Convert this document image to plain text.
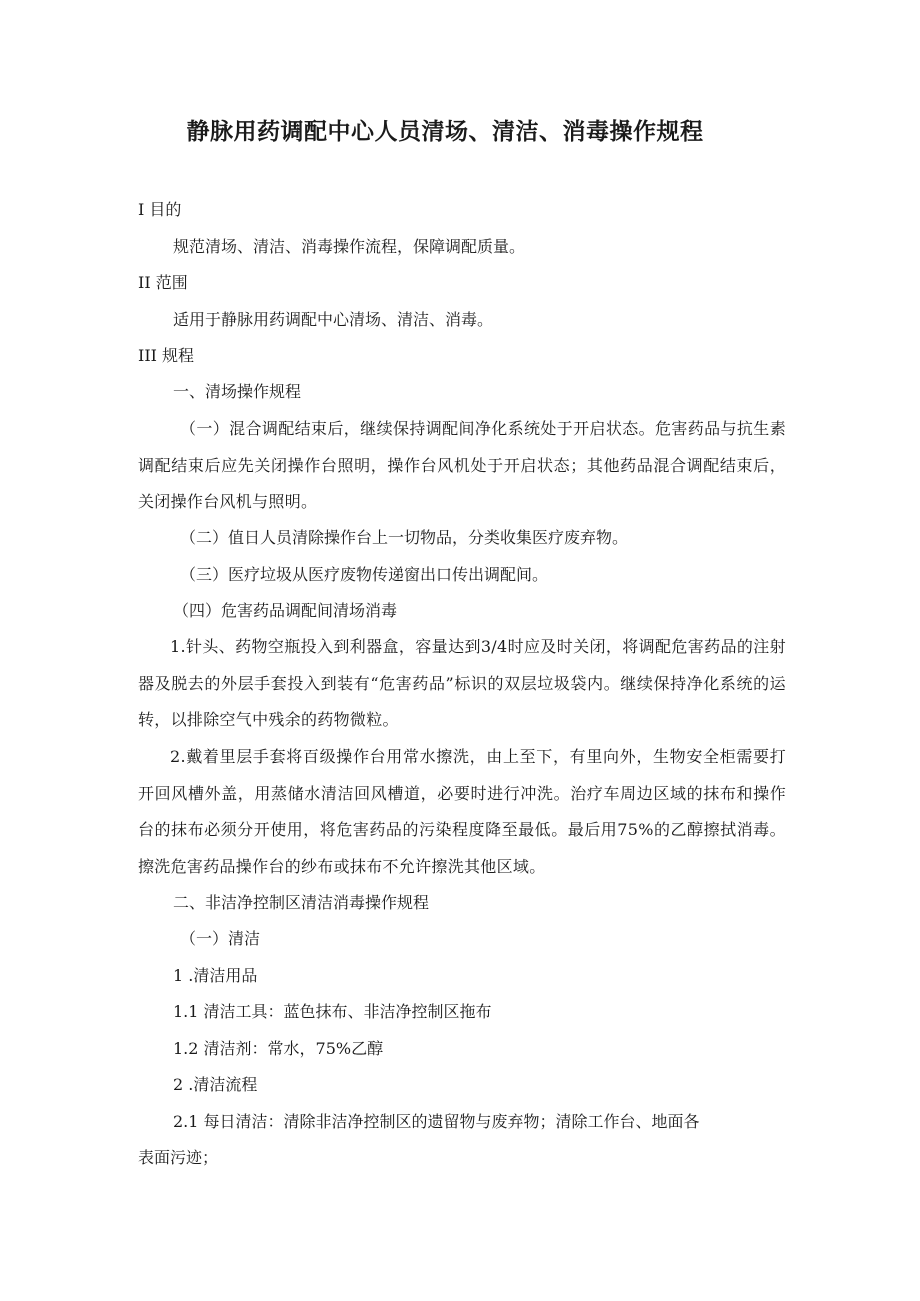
静脉用药调配中心人员清场、清洁、消毒操作规程

I 目的

规范清场、清洁、消毒操作流程，保障调配质量。

II 范围

适用于静脉用药调配中心清场、清洁、消毒。

III 规程

一、清场操作规程

（一）混合调配结束后，继续保持调配间净化系统处于开启状态。危害药品与抗生素调配结束后应先关闭操作台照明，操作台风机处于开启状态；其他药品混合调配结束后，关闭操作台风机与照明。

（二）值日人员清除操作台上一切物品，分类收集医疗废弃物。

（三）医疗垃圾从医疗废物传递窗出口传出调配间。

（四）危害药品调配间清场消毒

1.针头、药物空瓶投入到利器盒，容量达到3/4时应及时关闭，将调配危害药品的注射器及脱去的外层手套投入到装有“危害药品”标识的双层垃圾袋内。继续保持净化系统的运转，以排除空气中残余的药物微粒。

2.戴着里层手套将百级操作台用常水擦洗，由上至下，有里向外，生物安全柜需要打开回风槽外盖，用蒸储水清洁回风槽道，必要时进行冲洗。治疗车周边区域的抹布和操作台的抹布必须分开使用，将危害药品的污染程度降至最低。最后用75%的乙醇擦拭消毒。擦洗危害药品操作台的纱布或抹布不允许擦洗其他区域。

二、非洁净控制区清洁消毒操作规程

（一）清洁

1 .清洁用品

1.1 清洁工具：蓝色抹布、非洁净控制区拖布

1.2 清洁剂：常水，75%乙醇

2 .清洁流程

2.1 每日清洁：清除非洁净控制区的遗留物与废弃物；清除工作台、地面各

表面污迹；
